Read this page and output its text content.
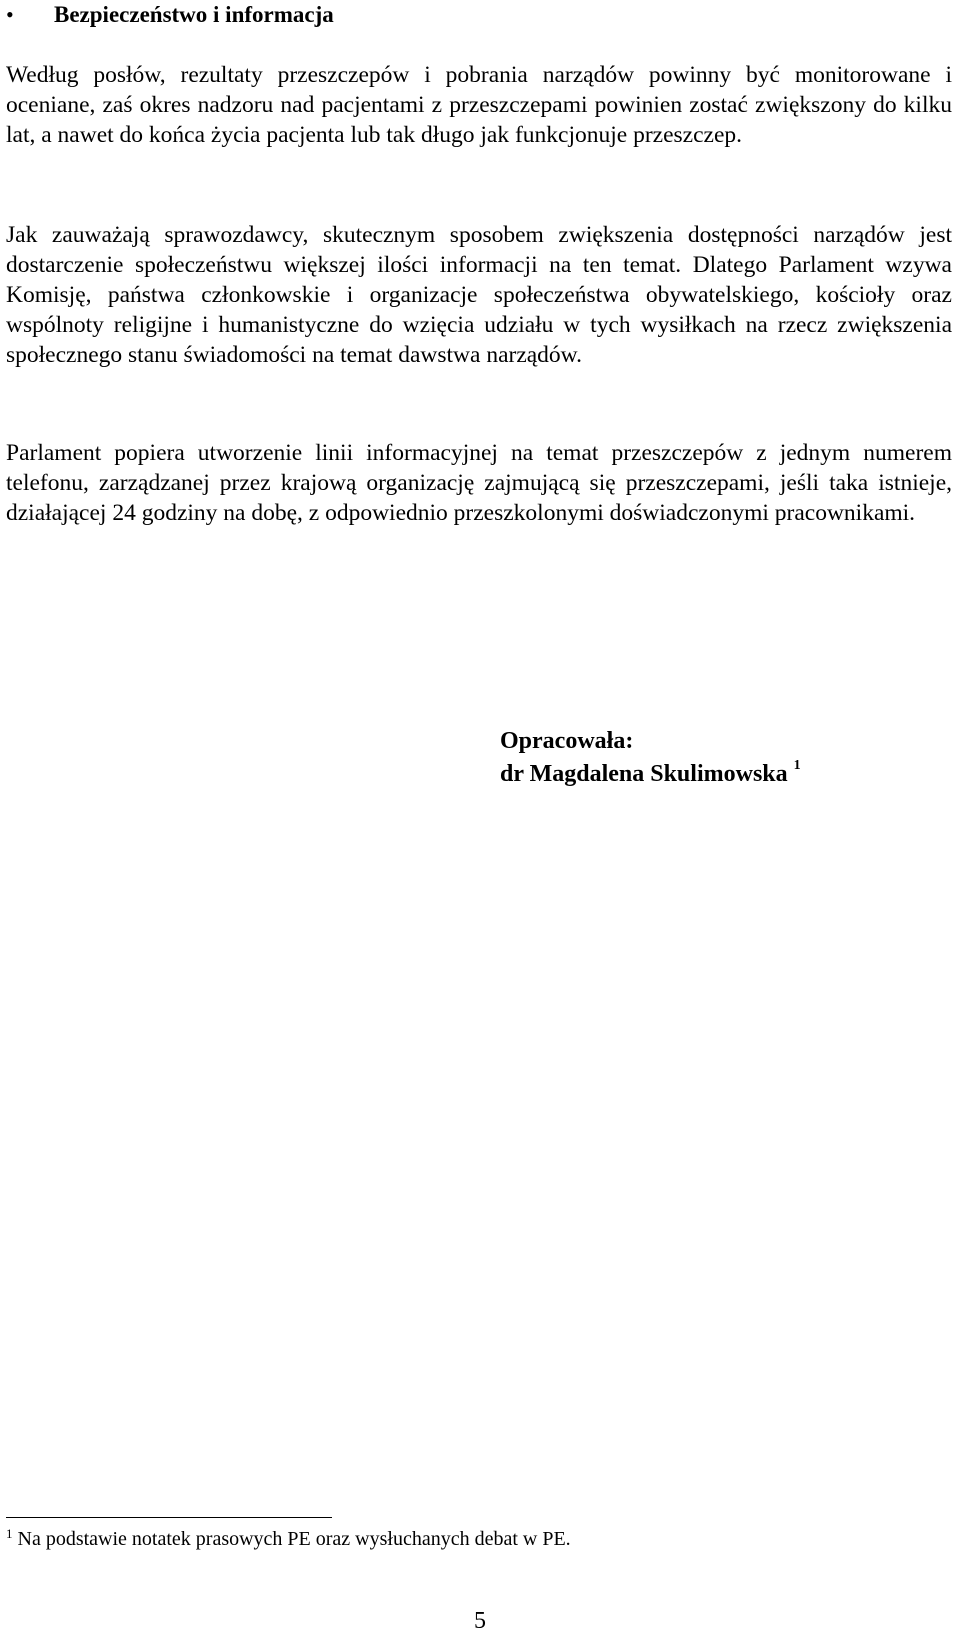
•	Bezpieczeństwo i informacja

Według posłów, rezultaty przeszczepów i pobrania narządów powinny być monitorowane i oceniane, zaś okres nadzoru nad pacjentami z przeszczepami powinien zostać zwiększony do kilku lat, a nawet do końca życia pacjenta lub tak długo jak funkcjonuje przeszczep.

Jak zauważają sprawozdawcy, skutecznym sposobem zwiększenia dostępności narządów jest dostarczenie społeczeństwu większej ilości informacji na ten temat. Dlatego Parlament wzywa Komisję, państwa członkowskie i organizacje społeczeństwa obywatelskiego, kościoły oraz wspólnoty religijne i humanistyczne do wzięcia udziału w tych wysiłkach na rzecz zwiększenia społecznego stanu świadomości na temat dawstwa narządów.

Parlament popiera utworzenie linii informacyjnej na temat przeszczepów z jednym numerem telefonu, zarządzanej przez krajową organizację zajmującą się przeszczepami, jeśli taka istnieje, działającej 24 godziny na dobę, z odpowiednio przeszkolonymi doświadczonymi pracownikami.

Opracowała:
dr Magdalena Skulimowska $^1$
$^1$ Na podstawie notatek prasowych PE oraz wysłuchanych debat w PE.
5
